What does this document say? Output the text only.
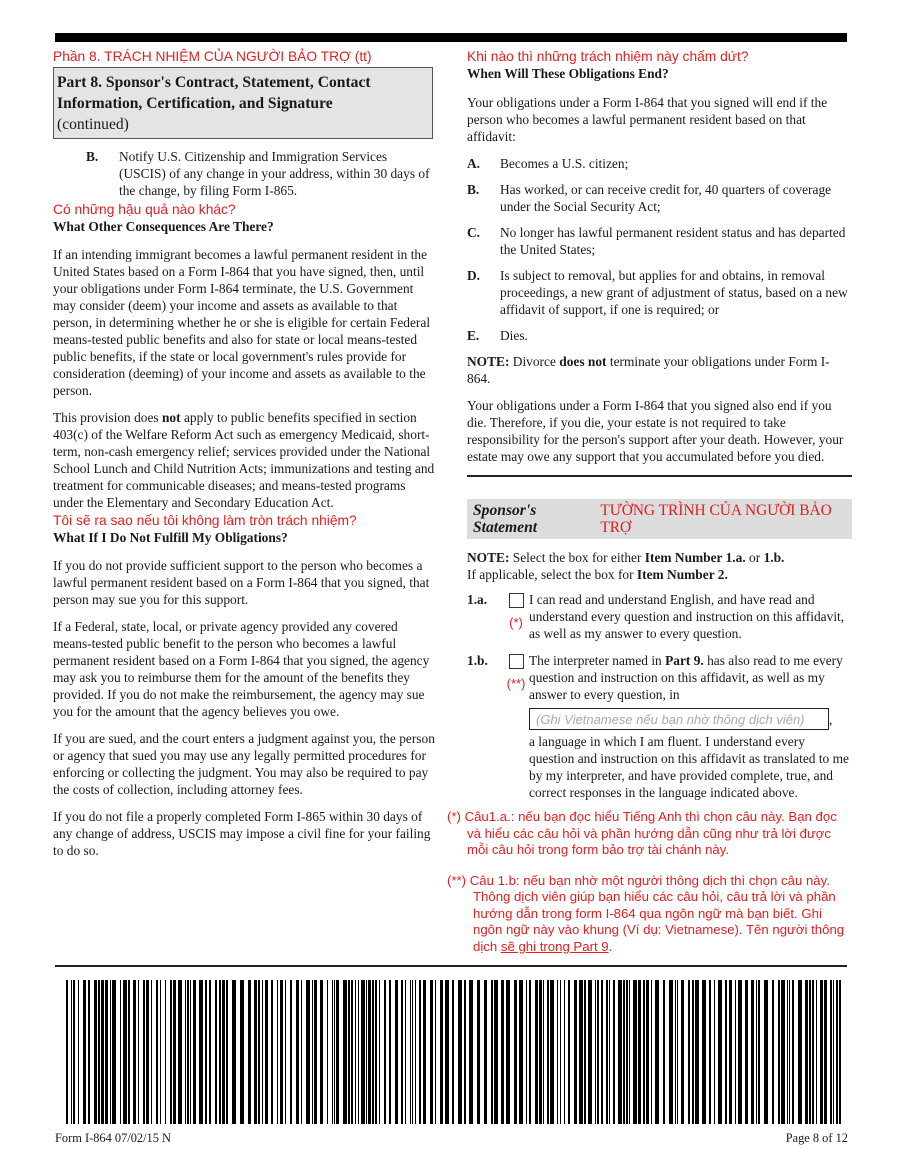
Phần 8. TRÁCH NHIỆM CỦA NGƯỜI BẢO TRỢ (tt)
Part 8. Sponsor's Contract, Statement, Contact Information, Certification, and Signature
(continued)
B.	Notify U.S. Citizenship and Immigration Services (USCIS) of any change in your address, within 30 days of the change, by filing Form I-865.
Có những hậu quả nào khác?
What Other Consequences Are There?

If an intending immigrant becomes a lawful permanent resident in the United States based on a Form I-864 that you have signed, then, until your obligations under Form I-864 terminate, the U.S. Government may consider (deem) your income and assets as available to that person, in determining whether he or she is eligible for certain Federal means-tested public benefits and also for state or local means-tested public benefits, if the state or local government's rules provide for consideration (deeming) of your income and assets as available to the person.

This provision does not apply to public benefits specified in section 403(c) of the Welfare Reform Act such as emergency Medicaid, short-term, non-cash emergency relief; services provided under the National School Lunch and Child Nutrition Acts; immunizations and testing and treatment for communicable diseases; and means-tested programs under the Elementary and Secondary Education Act.

Tôi sẽ ra sao nếu tôi không làm tròn trách nhiệm?
What If I Do Not Fulfill My Obligations?

If you do not provide sufficient support to the person who becomes a lawful permanent resident based on a Form I-864 that you signed, that person may sue you for this support.

If a Federal, state, local, or private agency provided any covered means-tested public benefit to the person who becomes a lawful permanent resident based on a Form I-864 that you signed, the agency may ask you to reimburse them for the amount of the benefits they provided. If you do not make the reimbursement, the agency may sue you for the amount that the agency believes you owe.

If you are sued, and the court enters a judgment against you, the person or agency that sued you may use any legally permitted procedures for enforcing or collecting the judgment. You may also be required to pay the costs of collection, including attorney fees.

If you do not file a properly completed Form I-865 within 30 days of any change of address, USCIS may impose a civil fine for your failing to do so.

Khi nào thì những trách nhiệm này chấm dứt?
When Will These Obligations End?

Your obligations under a Form I-864 that you signed will end if the person who becomes a lawful permanent resident based on that affidavit:

A.	Becomes a U.S. citizen;
B.	Has worked, or can receive credit for, 40 quarters of coverage under the Social Security Act;
C.	No longer has lawful permanent resident status and has departed the United States;
D.	Is subject to removal, but applies for and obtains, in removal proceedings, a new grant of adjustment of status, based on a new affidavit of support, if one is required; or
E.	Dies.

NOTE: Divorce does not terminate your obligations under Form I-864.

Your obligations under a Form I-864 that you signed also end if you die. Therefore, if you die, your estate is not required to take responsibility for the person's support after your death. However, your estate may owe any support that you accumulated before you died.

Sponsor's Statement
TƯỜNG TRÌNH CỦA NGƯỜI BẢO TRỢ

NOTE: Select the box for either Item Number 1.a. or 1.b.
If applicable, select the box for Item Number 2.

1.a.
(*)
I can read and understand English, and have read and understand every question and instruction on this affidavit, as well as my answer to every question.
1.b.
(**)
The interpreter named in Part 9. has also read to me every question and instruction on this affidavit, as well as my answer to every question, in
(Ghi Vietnamese nếu bạn nhờ thông dịch viên) ,
a language in which I am fluent. I understand every question and instruction on this affidavit as translated to me by my interpreter, and have provided complete, true, and correct responses in the language indicated above.
(*) Câu1.a.: nếu bạn đọc hiểu Tiếng Anh thì chọn câu này. Bạn đọc và hiểu các câu hỏi và phần hướng dẫn cũng như trả lời được mỗi câu hỏi trong form bảo trợ tài chánh này.
(**) Câu 1.b: nếu bạn nhờ một người thông dịch thì chọn câu này. Thông dịch viên giúp bạn hiểu các câu hỏi, câu trả lời và phần hướng dẫn trong form I-864 qua ngôn ngữ mà bạn biết. Ghi ngôn ngữ này vào khung (Ví dụ: Vietnamese). Tên người thông dịch sẽ ghi trong Part 9.
Form I-864 07/02/15 N	Page 8 of 12
